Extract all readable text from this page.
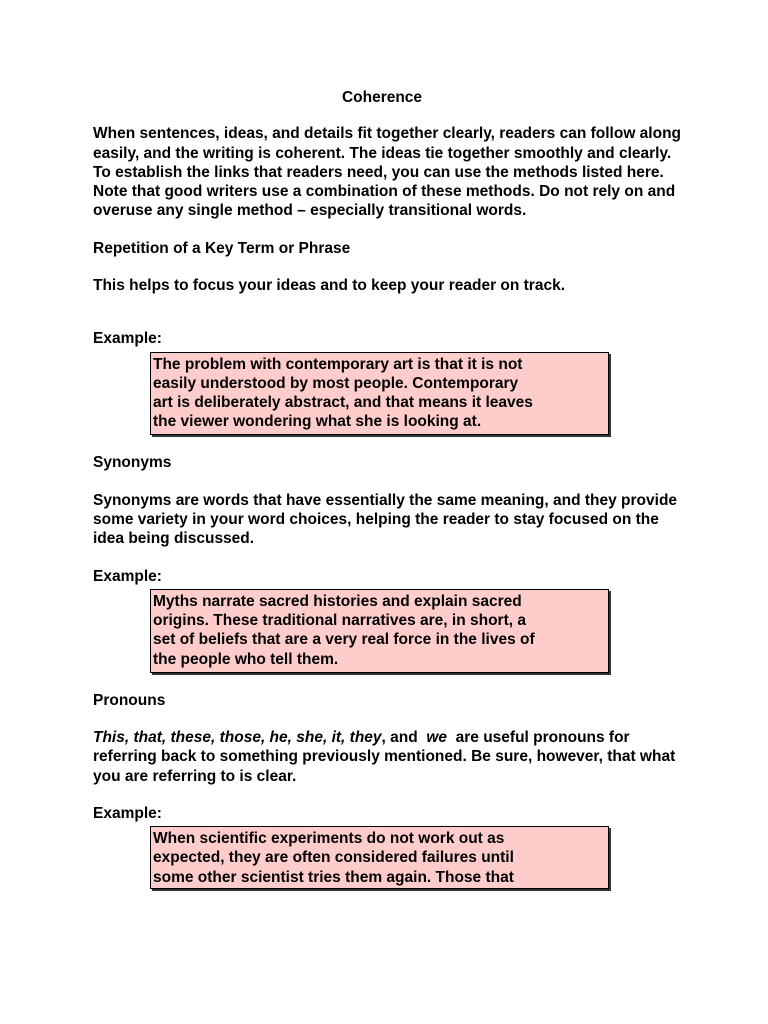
Coherence

When sentences, ideas, and details fit together clearly, readers can follow along easily, and the writing is coherent. The ideas tie together smoothly and clearly. To establish the links that readers need, you can use the methods listed here. Note that good writers use a combination of these methods. Do not rely on and overuse any single method – especially transitional words.

Repetition of a Key Term or Phrase

This helps to focus your ideas and to keep your reader on track.

Example:

The problem with contemporary art is that it is not
easily understood by most people. Contemporary
art is deliberately abstract, and that means it leaves
the viewer wondering what she is looking at.

Synonyms

Synonyms are words that have essentially the same meaning, and they provide some variety in your word choices, helping the reader to stay focused on the idea being discussed.

Example:

Myths narrate sacred histories and explain sacred
origins. These traditional narratives are, in short, a
set of beliefs that are a very real force in the lives of
the people who tell them.

Pronouns

This, that, these, those, he, she, it, they, and  we  are useful pronouns for referring back to something previously mentioned. Be sure, however, that what you are referring to is clear.

Example:

When scientific experiments do not work out as
expected, they are often considered failures until
some other scientist tries them again. Those that
